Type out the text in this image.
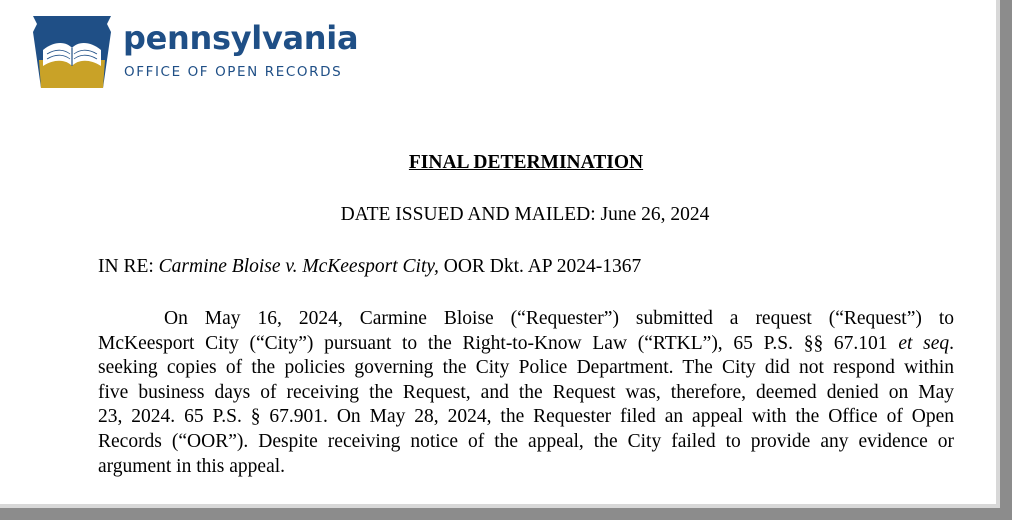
pennsylvania
OFFICE OF OPEN RECORDS
FINAL DETERMINATION
DATE ISSUED AND MAILED: June 26, 2024
IN RE: Carmine Bloise v. McKeesport City, OOR Dkt. AP 2024-1367
On May 16, 2024, Carmine Bloise (“Requester”) submitted a request (“Request”) to
McKeesport City (“City”) pursuant to the Right-to-Know Law (“RTKL”), 65 P.S. §§ 67.101 et seq.
seeking copies of the policies governing the City Police Department. The City did not respond within
five business days of receiving the Request, and the Request was, therefore, deemed denied on May
23, 2024. 65 P.S. § 67.901. On May 28, 2024, the Requester filed an appeal with the Office of Open
Records (“OOR”). Despite receiving notice of the appeal, the City failed to provide any evidence or
argument in this appeal.
